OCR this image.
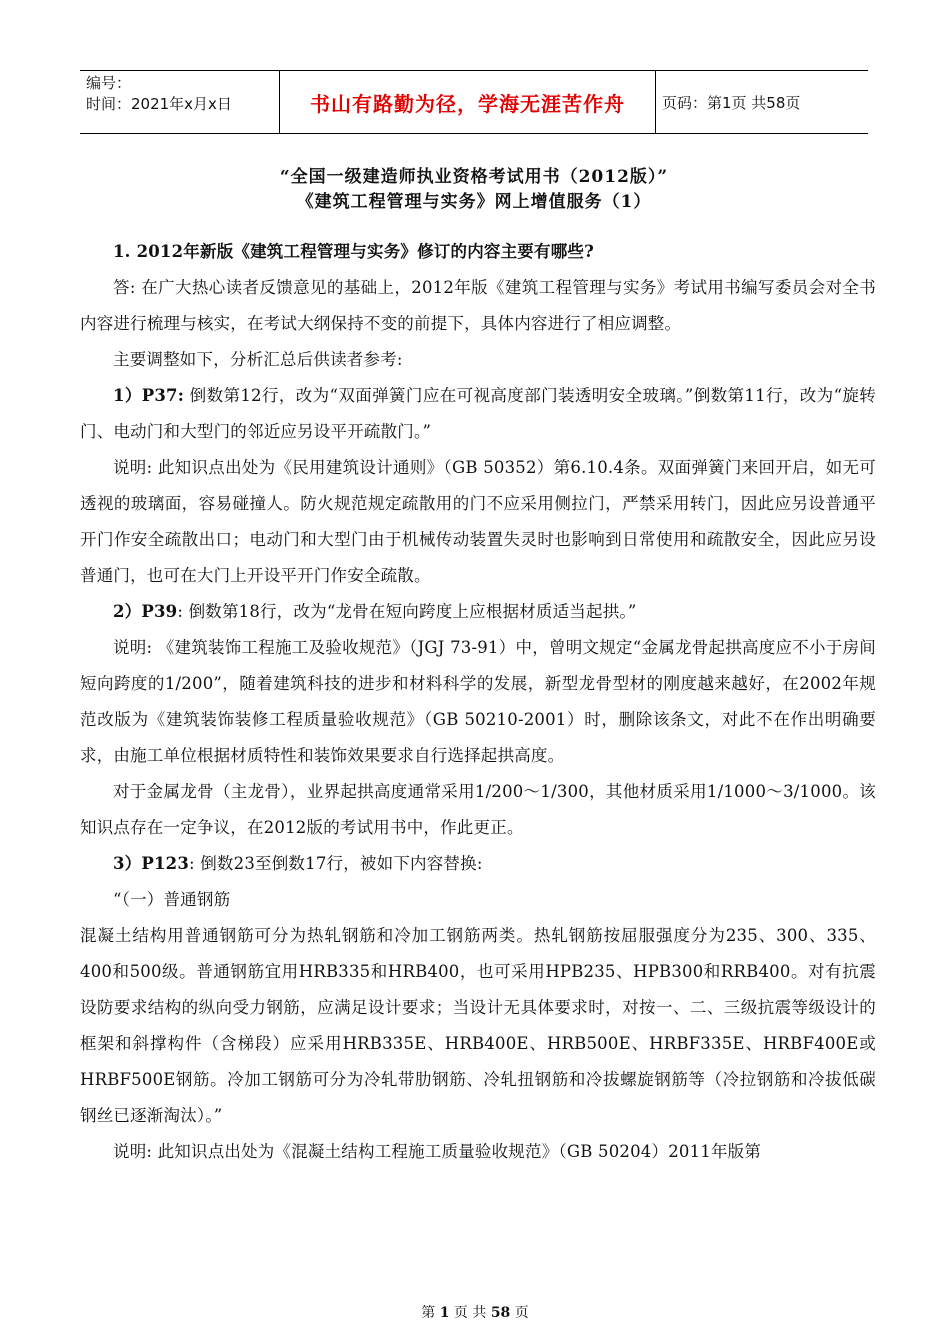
编号：
时间：2021年x月x日	书山有路勤为径，学海无涯苦作舟	页码：第1页 共58页
“全国一级建造师执业资格考试用书（2012版）”
《建筑工程管理与实务》网上增值服务（1）

1. 2012年新版《建筑工程管理与实务》修订的内容主要有哪些?

答: 在广大热心读者反馈意见的基础上，2012年版《建筑工程管理与实务》考试用书编写委员会对全书内容进行梳理与核实，在考试大纲保持不变的前提下，具体内容进行了相应调整。

主要调整如下，分析汇总后供读者参考:

1）P37: 倒数第12行，改为“双面弹簧门应在可视高度部门装透明安全玻璃。”倒数第11行，改为“旋转门、电动门和大型门的邻近应另设平开疏散门。”

说明: 此知识点出处为《民用建筑设计通则》（GB 50352）第6.10.4条。双面弹簧门来回开启，如无可透视的玻璃面，容易碰撞人。防火规范规定疏散用的门不应采用侧拉门，严禁采用转门，因此应另设普通平开门作安全疏散出口；电动门和大型门由于机械传动装置失灵时也影响到日常使用和疏散安全，因此应另设普通门，也可在大门上开设平开门作安全疏散。

2）P39: 倒数第18行，改为“龙骨在短向跨度上应根据材质适当起拱。”

说明: 《建筑装饰工程施工及验收规范》（JGJ 73-91）中，曾明文规定“金属龙骨起拱高度应不小于房间短向跨度的1/200”，随着建筑科技的进步和材料科学的发展，新型龙骨型材的刚度越来越好，在2002年规范改版为《建筑装饰装修工程质量验收规范》（GB 50210-2001）时，删除该条文，对此不在作出明确要求，由施工单位根据材质特性和装饰效果要求自行选择起拱高度。

对于金属龙骨（主龙骨），业界起拱高度通常采用1/200～1/300，其他材质采用1/1000～3/1000。该知识点存在一定争议，在2012版的考试用书中，作此更正。

3）P123: 倒数23至倒数17行，被如下内容替换:

“（一）普通钢筋

混凝土结构用普通钢筋可分为热轧钢筋和冷加工钢筋两类。热轧钢筋按屈服强度分为235、300、335、400和500级。普通钢筋宜用HRB335和HRB400，也可采用HPB235、HPB300和RRB400。对有抗震设防要求结构的纵向受力钢筋，应满足设计要求；当设计无具体要求时，对按一、二、三级抗震等级设计的框架和斜撑构件（含梯段）应采用HRB335E、HRB400E、HRB500E、HRBF335E、HRBF400E或HRBF500E钢筋。冷加工钢筋可分为冷轧带肋钢筋、冷轧扭钢筋和冷拔螺旋钢筋等（冷拉钢筋和冷拔低碳钢丝已逐渐淘汰）。”

说明: 此知识点出处为《混凝土结构工程施工质量验收规范》（GB 50204）2011年版第

第 1 页 共 58 页
